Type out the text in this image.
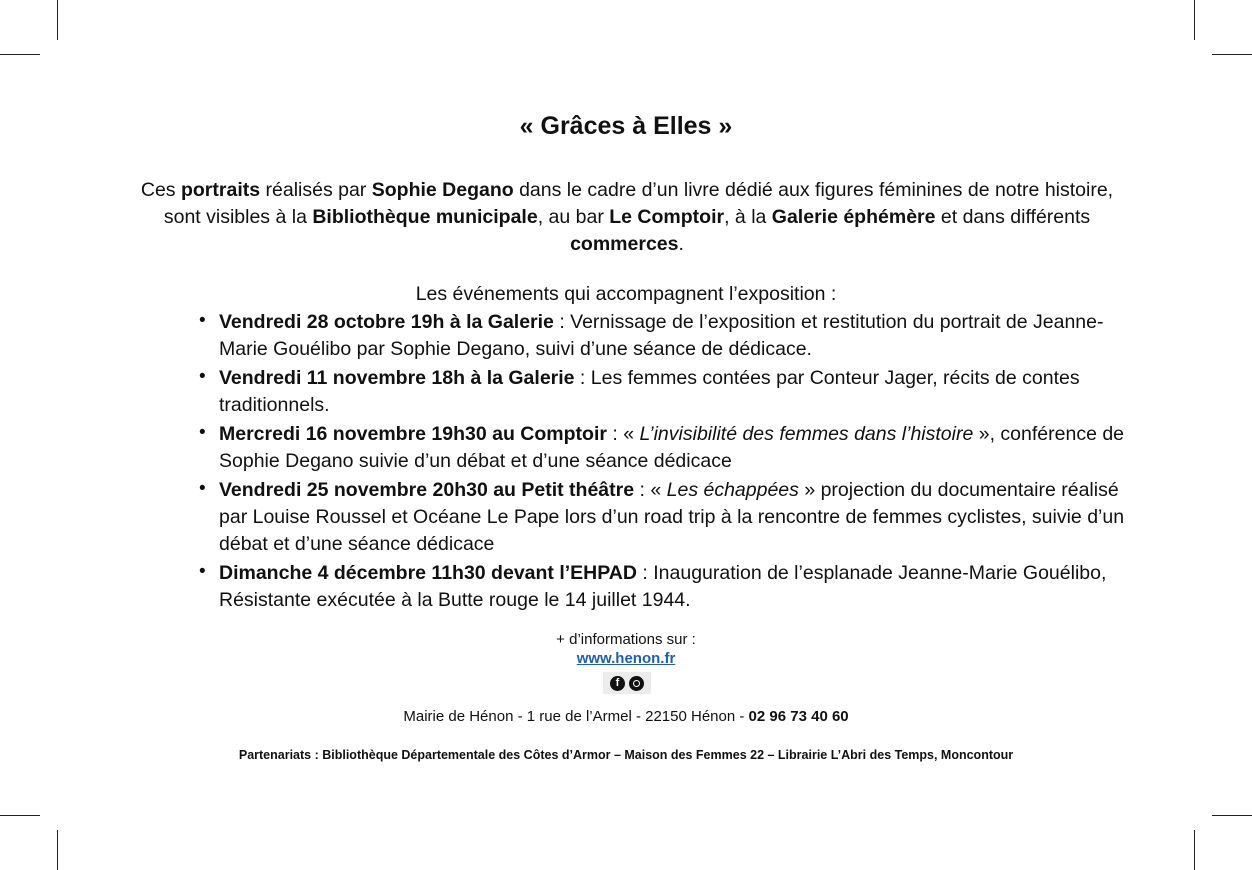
« Grâces à Elles »

Ces portraits réalisés par Sophie Degano dans le cadre d’un livre dédié aux figures féminines de notre histoire, sont visibles à la Bibliothèque municipale, au bar Le Comptoir, à la Galerie éphémère et dans différents commerces.

Les événements qui accompagnent l’exposition :

• Vendredi 28 octobre 19h à la Galerie : Vernissage de l’exposition et restitution du portrait de Jeanne-Marie Gouélibo par Sophie Degano, suivi d’une séance de dédicace.
• Vendredi 11 novembre 18h à la Galerie : Les femmes contées par Conteur Jager, récits de contes traditionnels.
• Mercredi 16 novembre 19h30 au Comptoir : « L’invisibilité des femmes dans l’histoire », conférence de Sophie Degano suivie d’un débat et d’une séance dédicace
• Vendredi 25 novembre 20h30 au Petit théâtre : « Les échappées » projection du documentaire réalisé par Louise Roussel et Océane Le Pape lors d’un road trip à la rencontre de femmes cyclistes, suivie d’un débat et d’une séance dédicace
• Dimanche 4 décembre 11h30 devant l’EHPAD : Inauguration de l’esplanade Jeanne-Marie Gouélibo, Résistante exécutée à la Butte rouge le 14 juillet 1944.
+ d’informations sur :
www.henon.fr
f
Mairie de Hénon - 1 rue de l’Armel - 22150 Hénon - 02 96 73 40 60
Partenariats : Bibliothèque Départementale des Côtes d’Armor – Maison des Femmes 22 – Librairie L’Abri des Temps, Moncontour
